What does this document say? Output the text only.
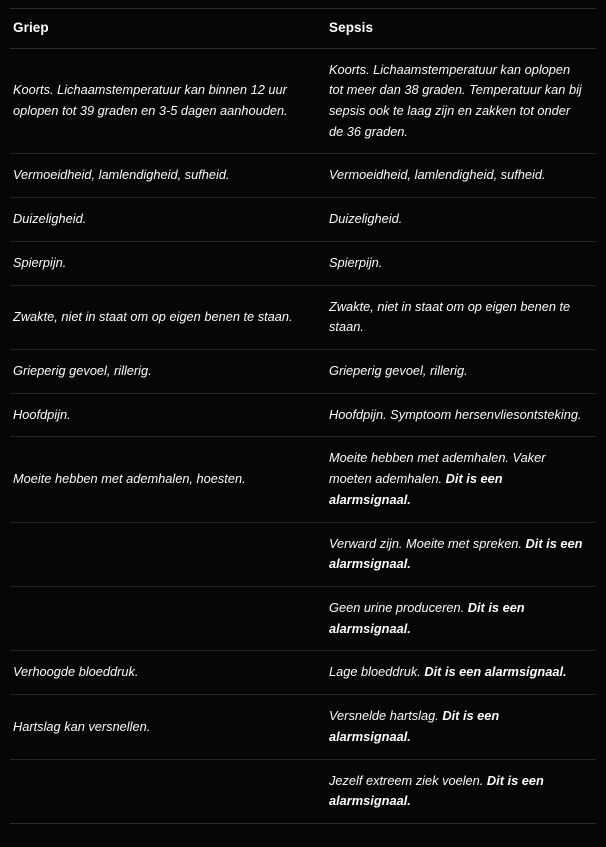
Griep	Sepsis
Koorts. Lichaamstemperatuur kan binnen 12 uur oplopen tot 39 graden en 3-5 dagen aanhouden.	Koorts. Lichaamstemperatuur kan oplopen tot meer dan 38 graden. Temperatuur kan bij sepsis ook te laag zijn en zakken tot onder de 36 graden.
Vermoeidheid, lamlendigheid, sufheid.	Vermoeidheid, lamlendigheid, sufheid.
Duizeligheid.	Duizeligheid.
Spierpijn.	Spierpijn.
Zwakte, niet in staat om op eigen benen te staan.	Zwakte, niet in staat om op eigen benen te staan.
Grieperig gevoel, rillerig.	Grieperig gevoel, rillerig.
Hoofdpijn.	Hoofdpijn. Symptoom hersenvliesontsteking.
Moeite hebben met ademhalen, hoesten.	Moeite hebben met ademhalen. Vaker moeten ademhalen. Dit is een alarmsignaal.
	Verward zijn. Moeite met spreken. Dit is een alarmsignaal.
	Geen urine produceren. Dit is een alarmsignaal.
Verhoogde bloeddruk.	Lage bloeddruk. Dit is een alarmsignaal.
Hartslag kan versnellen.	Versnelde hartslag. Dit is een alarmsignaal.
	Jezelf extreem ziek voelen. Dit is een alarmsignaal.
